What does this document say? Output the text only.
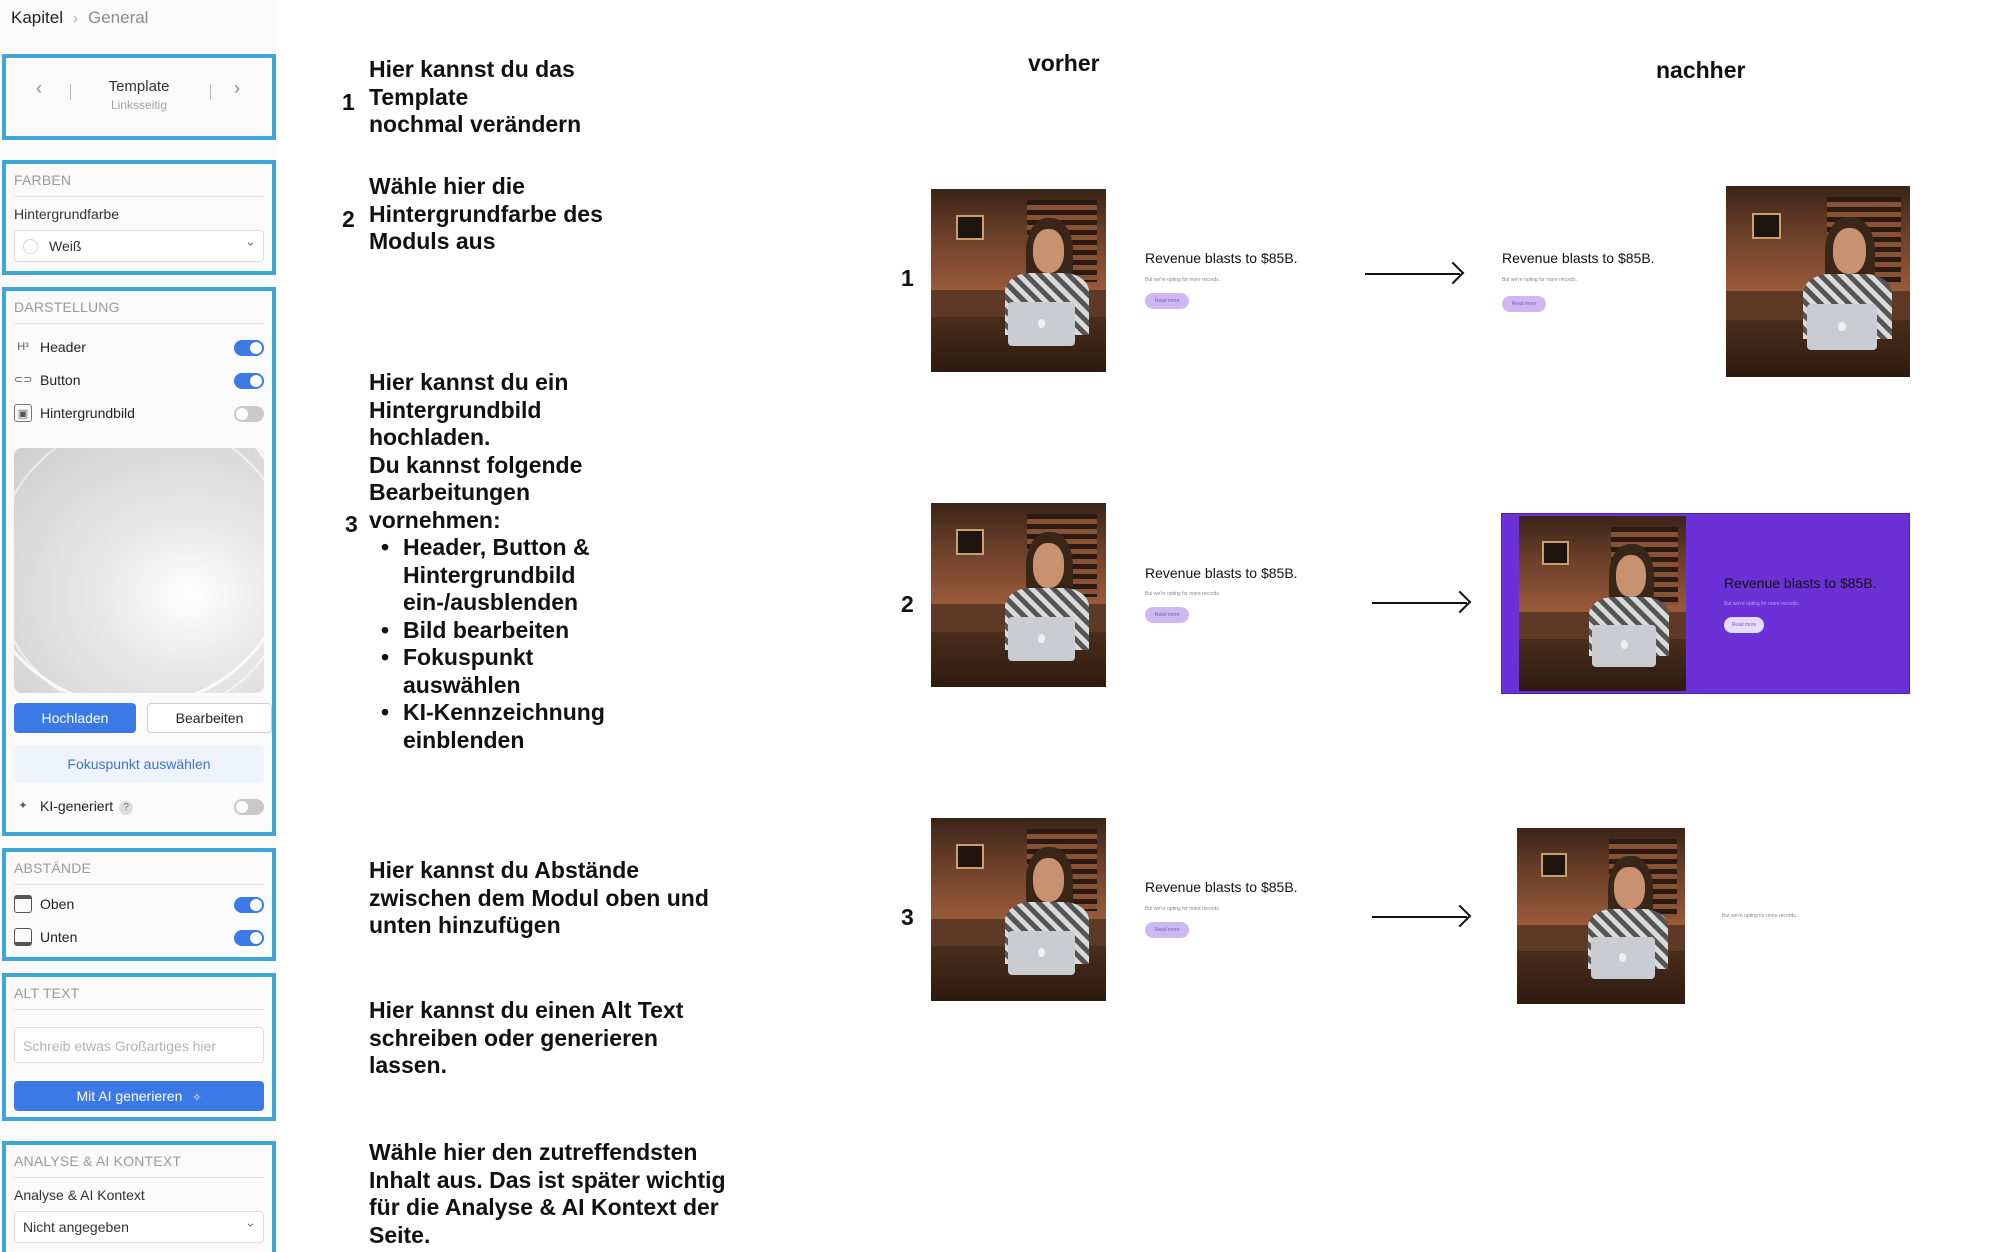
Kapitel › General
‹	Template
Linksseitig
›
FARBEN
Hintergrundfarbe
Weiß	›
DARSTELLUNG
H³ Header
⊂⊃ Button
▣ Hintergrundbild
Hochladen	Bearbeiten
Fokuspunkt auswählen
✦ KI-generiert ?
ABSTÄNDE
Oben
Unten
ALT TEXT
Schreib etwas Großartiges hier
Mit AI generieren ✧
ANALYSE & AI KONTEXT
Analyse & AI Kontext
Nicht angegeben	›
1
Hier kannst du das
Template
nochmal verändern
2
Wähle hier die
Hintergrundfarbe des
Moduls aus
3
Hier kannst du ein
Hintergrundbild
hochladen.
Du kannst folgende
Bearbeitungen
vornehmen:
• Header, Button &
Hintergrundbild
ein-/ausblenden
• Bild bearbeiten
• Fokuspunkt
auswählen
• KI-Kennzeichnung
einblenden
Hier kannst du Abstände
zwischen dem Modul oben und
unten hinzufügen
Hier kannst du einen Alt Text
schreiben oder generieren
lassen.
Wähle hier den zutreffendsten
Inhalt aus. Das ist später wichtig
für die Analyse & AI Kontext der
Seite.
vorher	nachher
1
Revenue blasts to $85B.
But we're opting for more records.
Read more
Revenue blasts to $85B.
But we're opting for more records.
Read more
2
Revenue blasts to $85B.
But we're opting for more records.
Read more
Revenue blasts to $85B.
But we're opting for more records.
Read more
3
Revenue blasts to $85B.
But we're opting for more records.
Read more
But we're opting for more records.
